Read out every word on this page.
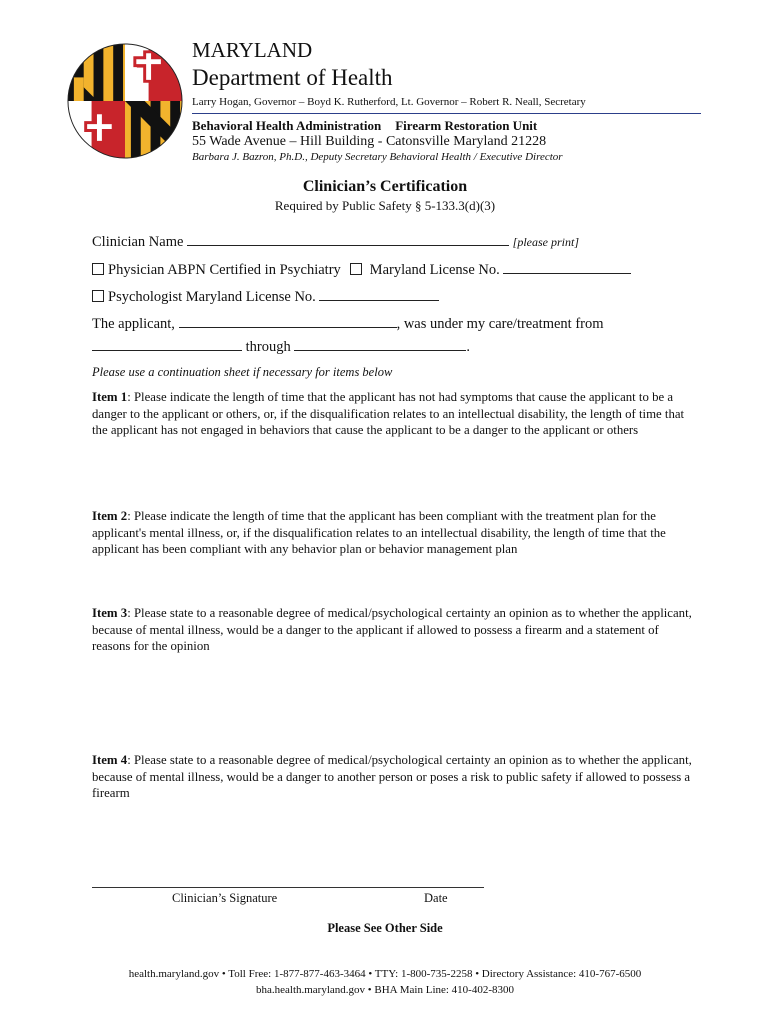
MARYLAND
Department of Health
Larry Hogan, Governor – Boyd K. Rutherford, Lt. Governor – Robert R. Neall, Secretary
Behavioral Health Administration Firearm Restoration Unit
55 Wade Avenue – Hill Building - Catonsville Maryland 21228
Barbara J. Bazron, Ph.D., Deputy Secretary Behavioral Health / Executive Director
Clinician’s Certification
Required by Public Safety § 5-133.3(d)(3)
Clinician Name	[please print]
Physician ABPN Certified in Psychiatry Maryland License No.
Psychologist Maryland License No.
The applicant,	, was under my care/treatment from
through	.
Please use a continuation sheet if necessary for items below
Item 1: Please indicate the length of time that the applicant has not had symptoms that cause the applicant to be a danger to the applicant or others, or, if the disqualification relates to an intellectual disability, the length of time that the applicant has not engaged in behaviors that cause the applicant to be a danger to the applicant or others
Item 2: Please indicate the length of time that the applicant has been compliant with the treatment plan for the applicant's mental illness, or, if the disqualification relates to an intellectual disability, the length of time that the applicant has been compliant with any behavior plan or behavior management plan
Item 3: Please state to a reasonable degree of medical/psychological certainty an opinion as to whether the applicant, because of mental illness, would be a danger to the applicant if allowed to possess a firearm and a statement of reasons for the opinion
Item 4: Please state to a reasonable degree of medical/psychological certainty an opinion as to whether the applicant, because of mental illness, would be a danger to another person or poses a risk to public safety if allowed to possess a firearm
Clinician’s Signature	Date
Please See Other Side
health.maryland.gov • Toll Free: 1-877-877-463-3464 • TTY: 1-800-735-2258 • Directory Assistance: 410-767-6500
bha.health.maryland.gov • BHA Main Line: 410-402-8300
